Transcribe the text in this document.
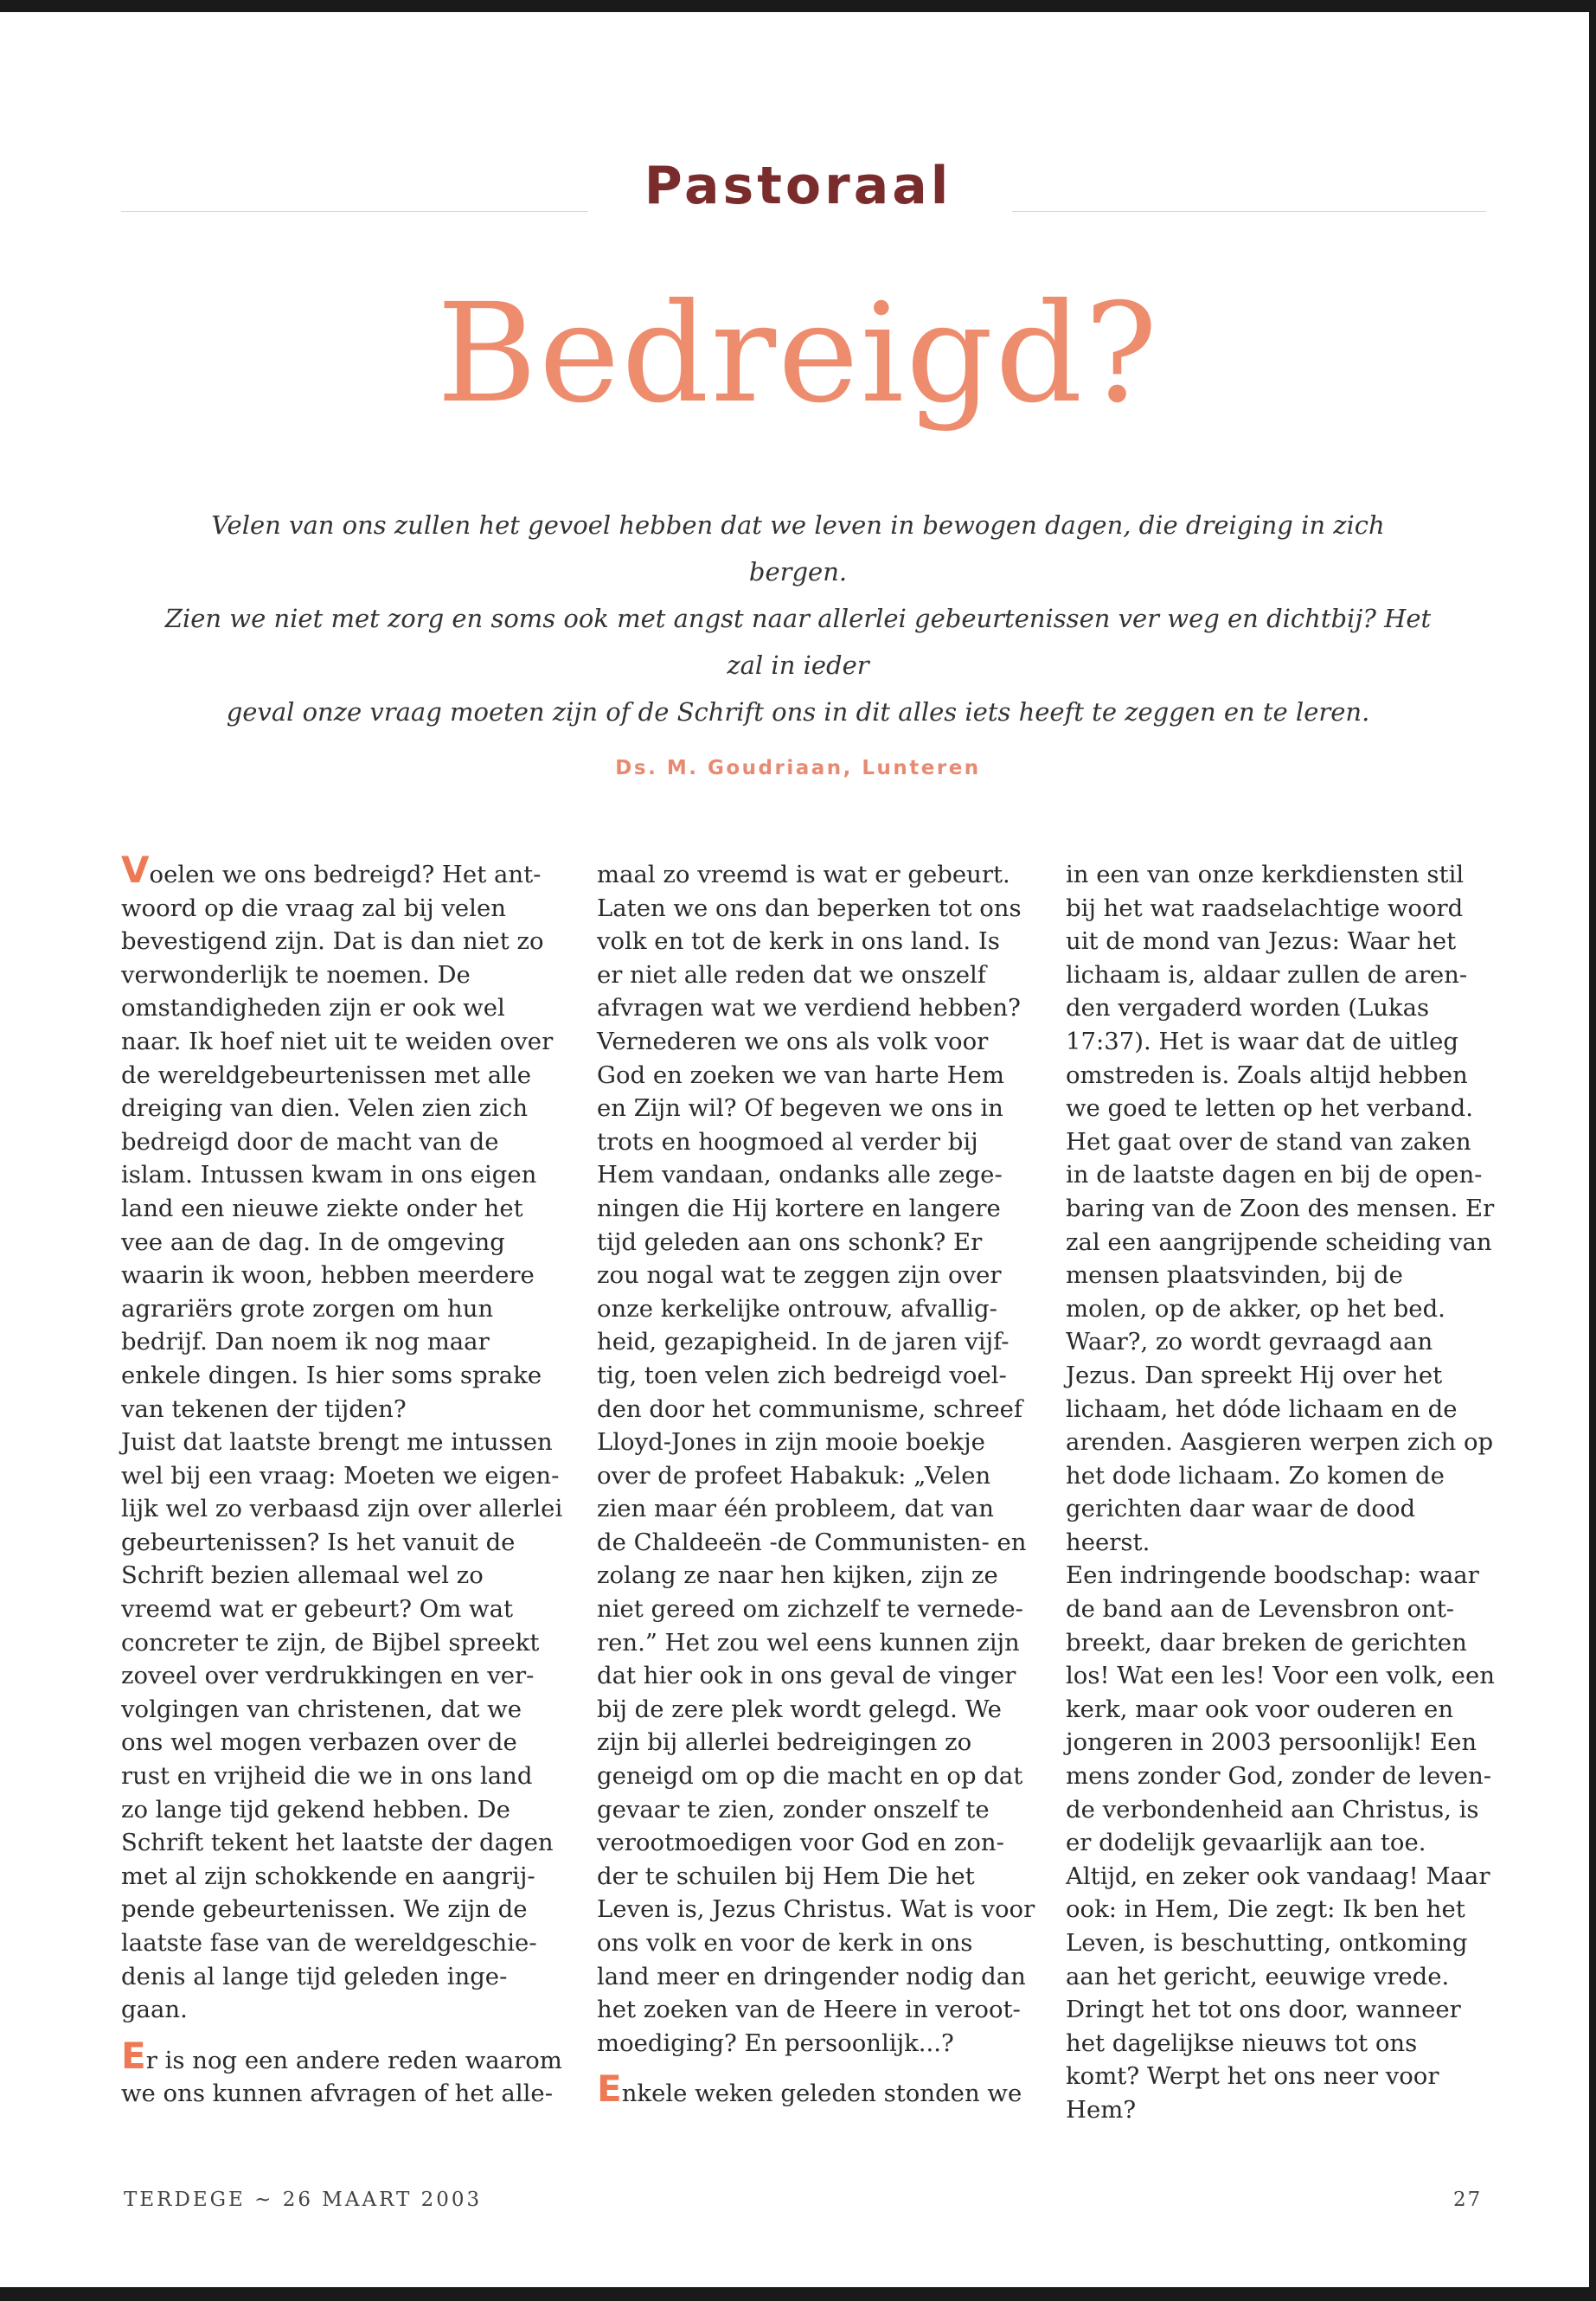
Pastoraal
Bedreigd?

Velen van ons zullen het gevoel hebben dat we leven in bewogen dagen, die dreiging in zich bergen.
Zien we niet met zorg en soms ook met angst naar allerlei gebeurtenissen ver weg en dichtbij? Het zal in ieder
geval onze vraag moeten zijn of de Schrift ons in dit alles iets heeft te zeggen en te leren.

Ds. M. Goudriaan, Lunteren

Voelen we ons bedreigd? Het ant-
woord op die vraag zal bij velen
bevestigend zijn. Dat is dan niet zo
verwonderlijk te noemen. De
omstandigheden zijn er ook wel
naar. Ik hoef niet uit te weiden over
de wereldgebeurtenissen met alle
dreiging van dien. Velen zien zich
bedreigd door de macht van de
islam. Intussen kwam in ons eigen
land een nieuwe ziekte onder het
vee aan de dag. In de omgeving
waarin ik woon, hebben meerdere
agrariërs grote zorgen om hun
bedrijf. Dan noem ik nog maar
enkele dingen. Is hier soms sprake
van tekenen der tijden?
Juist dat laatste brengt me intussen
wel bij een vraag: Moeten we eigen-
lijk wel zo verbaasd zijn over allerlei
gebeurtenissen? Is het vanuit de
Schrift bezien allemaal wel zo
vreemd wat er gebeurt? Om wat
concreter te zijn, de Bijbel spreekt
zoveel over verdrukkingen en ver-
volgingen van christenen, dat we
ons wel mogen verbazen over de
rust en vrijheid die we in ons land
zo lange tijd gekend hebben. De
Schrift tekent het laatste der dagen
met al zijn schokkende en aangrij-
pende gebeurtenissen. We zijn de
laatste fase van de wereldgeschie-
denis al lange tijd geleden inge-
gaan.

Er is nog een andere reden waarom
we ons kunnen afvragen of het alle-

maal zo vreemd is wat er gebeurt.
Laten we ons dan beperken tot ons
volk en tot de kerk in ons land. Is
er niet alle reden dat we onszelf
afvragen wat we verdiend hebben?
Vernederen we ons als volk voor
God en zoeken we van harte Hem
en Zijn wil? Of begeven we ons in
trots en hoogmoed al verder bij
Hem vandaan, ondanks alle zege-
ningen die Hij kortere en langere
tijd geleden aan ons schonk? Er
zou nogal wat te zeggen zijn over
onze kerkelijke ontrouw, afvallig-
heid, gezapigheid. In de jaren vijf-
tig, toen velen zich bedreigd voel-
den door het communisme, schreef
Lloyd-Jones in zijn mooie boekje
over de profeet Habakuk: „Velen
zien maar één probleem, dat van
de Chaldeeën -de Communisten- en
zolang ze naar hen kijken, zijn ze
niet gereed om zichzelf te vernede-
ren.” Het zou wel eens kunnen zijn
dat hier ook in ons geval de vinger
bij de zere plek wordt gelegd. We
zijn bij allerlei bedreigingen zo
geneigd om op die macht en op dat
gevaar te zien, zonder onszelf te
verootmoedigen voor God en zon-
der te schuilen bij Hem Die het
Leven is, Jezus Christus. Wat is voor
ons volk en voor de kerk in ons
land meer en dringender nodig dan
het zoeken van de Heere in veroot-
moediging? En persoonlijk...?

Enkele weken geleden stonden we

in een van onze kerkdiensten stil
bij het wat raadselachtige woord
uit de mond van Jezus: Waar het
lichaam is, aldaar zullen de aren-
den vergaderd worden (Lukas
17:37). Het is waar dat de uitleg
omstreden is. Zoals altijd hebben
we goed te letten op het verband.
Het gaat over de stand van zaken
in de laatste dagen en bij de open-
baring van de Zoon des mensen. Er
zal een aangrijpende scheiding van
mensen plaatsvinden, bij de
molen, op de akker, op het bed.
Waar?, zo wordt gevraagd aan
Jezus. Dan spreekt Hij over het
lichaam, het dóde lichaam en de
arenden. Aasgieren werpen zich op
het dode lichaam. Zo komen de
gerichten daar waar de dood
heerst.
Een indringende boodschap: waar
de band aan de Levensbron ont-
breekt, daar breken de gerichten
los! Wat een les! Voor een volk, een
kerk, maar ook voor ouderen en
jongeren in 2003 persoonlijk! Een
mens zonder God, zonder de leven-
de verbondenheid aan Christus, is
er dodelijk gevaarlijk aan toe.
Altijd, en zeker ook vandaag! Maar
ook: in Hem, Die zegt: Ik ben het
Leven, is beschutting, ontkoming
aan het gericht, eeuwige vrede.
Dringt het tot ons door, wanneer
het dagelijkse nieuws tot ons
komt? Werpt het ons neer voor
Hem?

TERDEGE ~ 26 MAART 2003	27
